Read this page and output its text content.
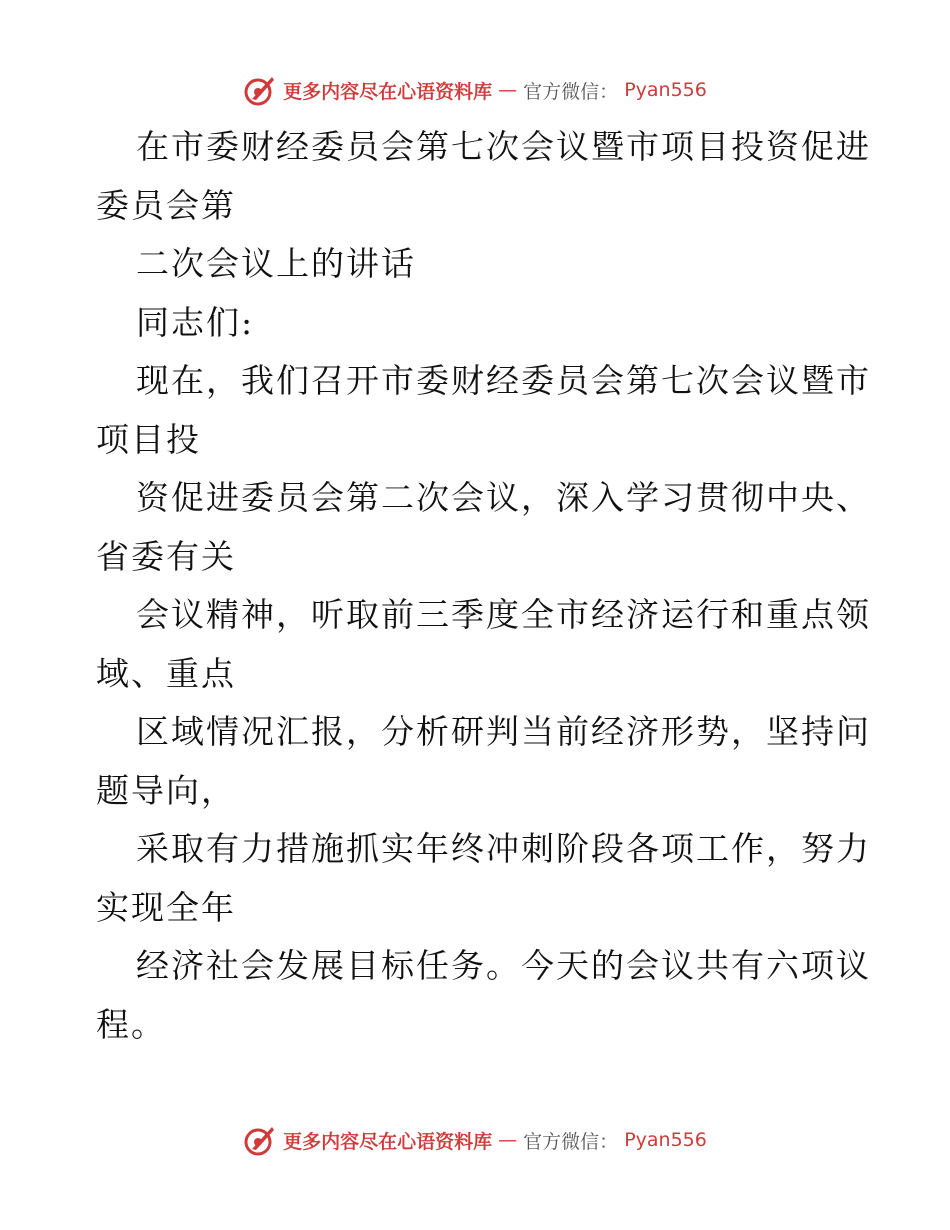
更多内容尽在心语资料库 — 官方微信： Pyan556
在市委财经委员会第七次会议暨市项目投资促进
委员会第
二次会议上的讲话
同志们:
现在，我们召开市委财经委员会第七次会议暨市
项目投
资促进委员会第二次会议，深入学习贯彻中央、
省委有关
会议精神，听取前三季度全市经济运行和重点领
域、重点
区域情况汇报，分析研判当前经济形势，坚持问
题导向，
采取有力措施抓实年终冲刺阶段各项工作，努力
实现全年
经济社会发展目标任务。今天的会议共有六项议
程。
更多内容尽在心语资料库 — 官方微信： Pyan556
